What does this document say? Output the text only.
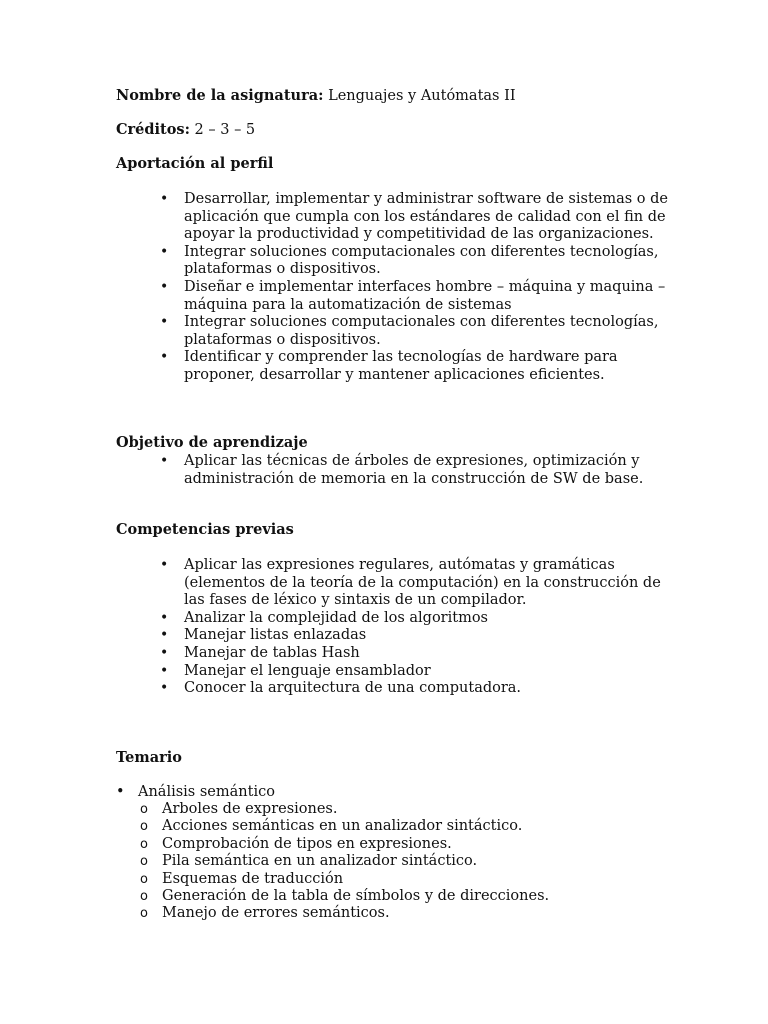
Nombre de la asignatura: Lenguajes y Autómatas II
Créditos: 2 – 3 – 5
Aportación al perfil
• Desarrollar, implementar y administrar software de sistemas o de aplicación que cumpla con los estándares de calidad con el fin de apoyar la productividad y competitividad de las organizaciones.
• Integrar soluciones computacionales con diferentes tecnologías, plataformas o dispositivos.
• Diseñar e implementar interfaces hombre – máquina y maquina – máquina para la automatización de sistemas
• Integrar soluciones computacionales con diferentes tecnologías, plataformas o dispositivos.
• Identificar y comprender las tecnologías de hardware para proponer, desarrollar y mantener aplicaciones eficientes.
Objetivo de aprendizaje
• Aplicar las técnicas de árboles de expresiones, optimización y administración de memoria en la construcción de SW de base.
Competencias previas
• Aplicar las expresiones regulares, autómatas y gramáticas (elementos de la teoría de la computación) en la construcción de las fases de léxico y sintaxis de un compilador.
• Analizar la complejidad de los algoritmos
• Manejar listas enlazadas
• Manejar de tablas Hash
• Manejar el lenguaje ensamblador
• Conocer la arquitectura de una computadora.
Temario
• Análisis semántico
o Arboles de expresiones.
o Acciones semánticas en un analizador sintáctico.
o Comprobación de tipos en expresiones.
o Pila semántica en un analizador sintáctico.
o Esquemas de traducción
o Generación de la tabla de símbolos y de direcciones.
o Manejo de errores semánticos.
